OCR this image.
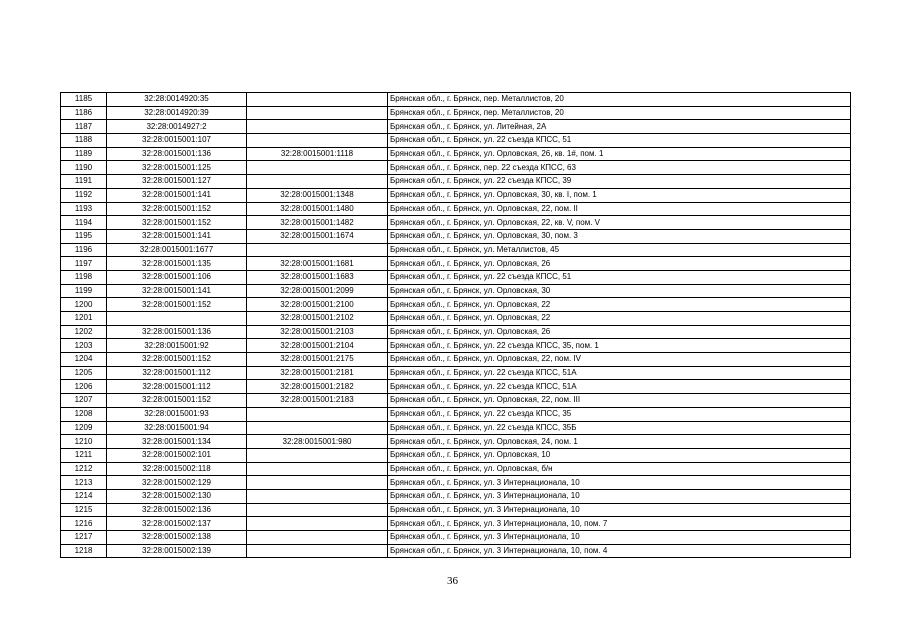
1185	32:28:0014920:35		Брянская обл., г. Брянск, пер. Металлистов, 20
1186	32:28:0014920:39		Брянская обл., г. Брянск, пер. Металлистов, 20
1187	32:28:0014927:2		Брянская обл., г. Брянск, ул. Литейная, 2А
1188	32:28:0015001:107		Брянская обл., г. Брянск, ул. 22 съезда КПСС, 51
1189	32:28:0015001:136	32:28:0015001:1118	Брянская обл., г. Брянск, ул. Орловская, 26, кв. 1#, пом. 1
1190	32:28:0015001:125		Брянская обл., г. Брянск, пер. 22 съезда КПСС, 63
1191	32:28:0015001:127		Брянская обл., г. Брянск, ул. 22 съезда КПСС, 39
1192	32:28:0015001:141	32:28:0015001:1348	Брянская обл., г. Брянск, ул. Орловская, 30, кв. I, пом. 1
1193	32:28:0015001:152	32:28:0015001:1480	Брянская обл., г. Брянск, ул. Орловская, 22, пом. II
1194	32:28:0015001:152	32:28:0015001:1482	Брянская обл., г. Брянск, ул. Орловская, 22, кв. V, пом. V
1195	32:28:0015001:141	32:28:0015001:1674	Брянская обл., г. Брянск, ул. Орловская, 30, пом. 3
1196	32:28:0015001:1677		Брянская обл., г. Брянск, ул. Металлистов, 45
1197	32:28:0015001:135	32:28:0015001:1681	Брянская обл., г. Брянск, ул. Орловская, 26
1198	32:28:0015001:106	32:28:0015001:1683	Брянская обл., г. Брянск, ул. 22 съезда КПСС, 51
1199	32:28:0015001:141	32:28:0015001:2099	Брянская обл., г. Брянск, ул. Орловская, 30
1200	32:28:0015001:152	32:28:0015001:2100	Брянская обл., г. Брянск, ул. Орловская, 22
1201		32:28:0015001:2102	Брянская обл., г. Брянск, ул. Орловская, 22
1202	32:28:0015001:136	32:28:0015001:2103	Брянская обл., г. Брянск, ул. Орловская, 26
1203	32:28:0015001:92	32:28:0015001:2104	Брянская обл., г. Брянск, ул. 22 съезда КПСС, 35, пом. 1
1204	32:28:0015001:152	32:28:0015001:2175	Брянская обл., г. Брянск, ул. Орловская, 22, пом. IV
1205	32:28:0015001:112	32:28:0015001:2181	Брянская обл., г. Брянск, ул. 22 съезда КПСС, 51А
1206	32:28:0015001:112	32:28:0015001:2182	Брянская обл., г. Брянск, ул. 22 съезда КПСС, 51А
1207	32:28:0015001:152	32:28:0015001:2183	Брянская обл., г. Брянск, ул. Орловская, 22, пом. III
1208	32:28:0015001:93		Брянская обл., г. Брянск, ул. 22 съезда КПСС, 35
1209	32:28:0015001:94		Брянская обл., г. Брянск, ул. 22 съезда КПСС, 35Б
1210	32:28:0015001:134	32:28:0015001:980	Брянская обл., г. Брянск, ул. Орловская, 24, пом. 1
1211	32:28:0015002:101		Брянская обл., г. Брянск, ул. Орловская, 10
1212	32:28:0015002:118		Брянская обл., г. Брянск, ул. Орловская, б/н
1213	32:28:0015002:129		Брянская обл., г. Брянск, ул. 3 Интернационала, 10
1214	32:28:0015002:130		Брянская обл., г. Брянск, ул. 3 Интернационала, 10
1215	32:28:0015002:136		Брянская обл., г. Брянск, ул. 3 Интернационала, 10
1216	32:28:0015002:137		Брянская обл., г. Брянск, ул. 3 Интернационала, 10, пом. 7
1217	32:28:0015002:138		Брянская обл., г. Брянск, ул. 3 Интернационала, 10
1218	32:28:0015002:139		Брянская обл., г. Брянск, ул. 3 Интернационала, 10, пом. 4
36
